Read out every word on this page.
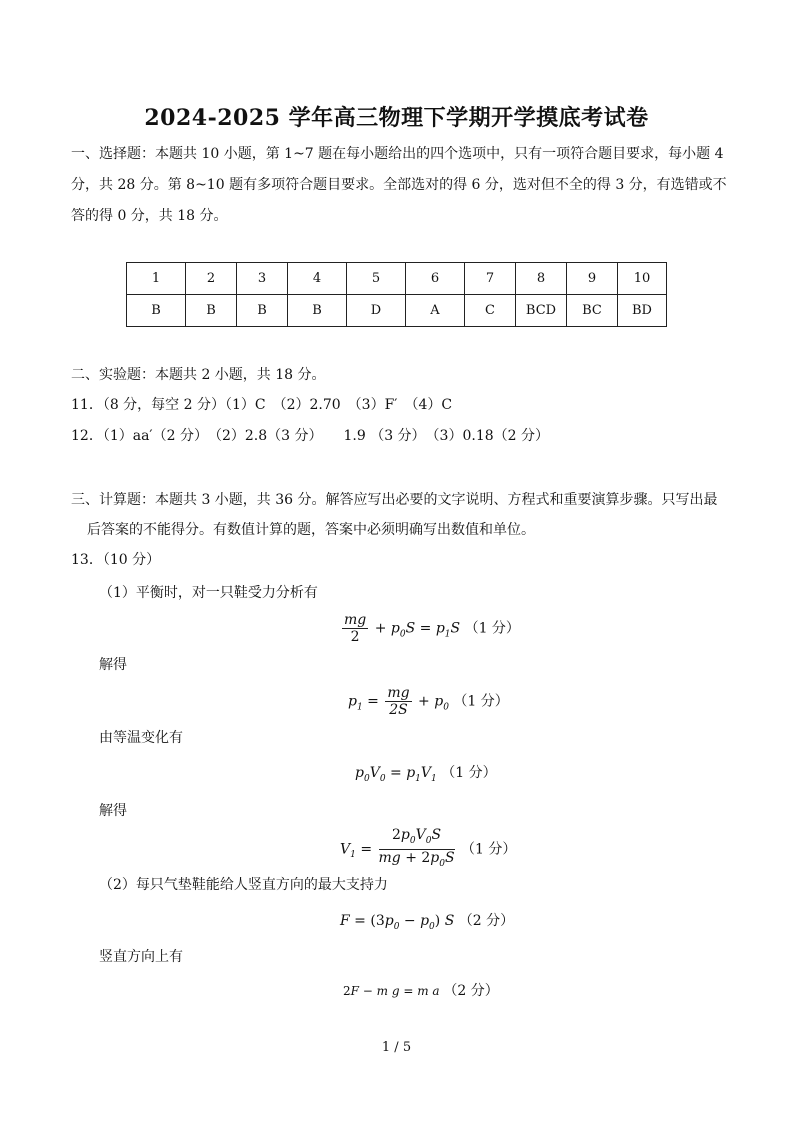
2024-2025 学年高三物理下学期开学摸底考试卷
一、选择题：本题共 10 小题，第 1~7 题在每小题给出的四个选项中，只有一项符合题目要求，每小题 4
分，共 28 分。第 8~10 题有多项符合题目要求。全部选对的得 6 分，选对但不全的得 3 分，有选错或不
答的得 0 分，共 18 分。
1	2	3	4	5	6	7	8	9	10
B	B	B	B	D	A	C	BCD	BC	BD
二、实验题：本题共 2 小题，共 18 分。
11．（8 分，每空 2 分）（1）C　（2）2.70　（3）F′　（4）C
12．（1）aa′（2 分）　（2）2.8（3 分）　　1.9 （3 分）　（3）0.18（2 分）
三、计算题：本题共 3 小题，共 36 分。解答应写出必要的文字说明、方程式和重要演算步骤。只写出最
后答案的不能得分。有数值计算的题，答案中必须明确写出数值和单位。
13．（10 分）
（1）平衡时，对一只鞋受力分析有
$\frac{mg}{2} + p_0S = p_1S$ （1 分）
解得
$p_1 = \frac{mg}{2S} + p_0$ （1 分）
由等温变化有
$p_0V_0 = p_1V_1$ （1 分）
解得
$V_1 = \frac{2p_0V_0S}{mg + 2p_0S} (1$ 分）
（2）每只气垫鞋能给人竖直方向的最大支持力
$F = (3p_0 - p_0)$ S （2 分）
竖直方向上有
2F − m g = m a （2 分）
1 / 5
